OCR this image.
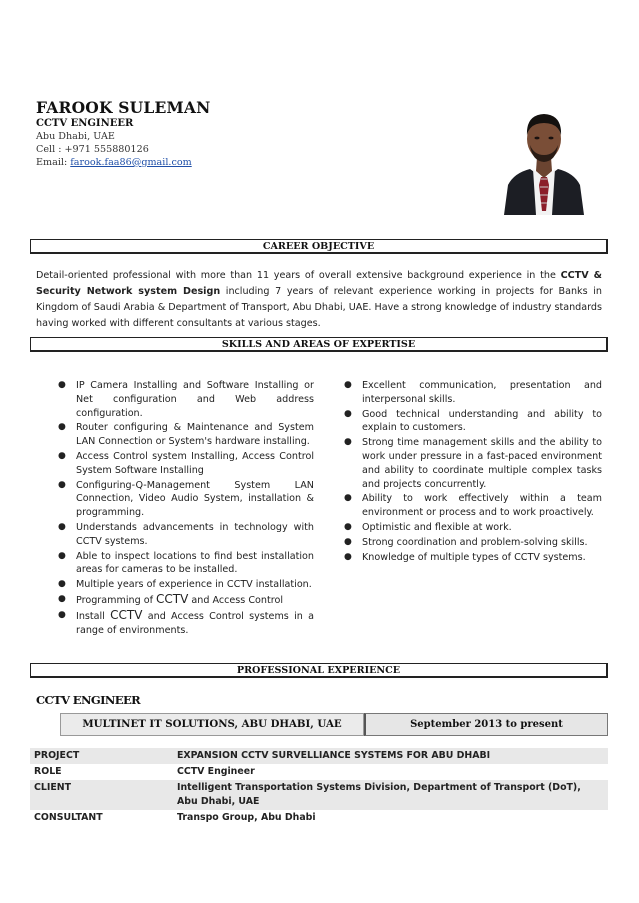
FAROOK SULEMAN
CCTV ENGINEER
Abu Dhabi, UAE
Cell : +971 555880126
Email: farook.faa86@gmail.com
CAREER OBJECTIVE
Detail-oriented professional with more than 11 years of overall extensive background experience in the CCTV & Security Network system Design including 7 years of relevant experience working in projects for Banks in Kingdom of Saudi Arabia & Department of Transport, Abu Dhabi, UAE. Have a strong knowledge of industry standards having worked with different consultants at various stages.
SKILLS AND AREAS OF EXPERTISE
● IP Camera Installing and Software Installing or Net configuration and Web address configuration.
● Router configuring & Maintenance and System LAN Connection or System's hardware installing.
● Access Control system Installing, Access Control System Software Installing
● Configuring-Q-Management System LAN Connection, Video Audio System, installation & programming.
● Understands advancements in technology with CCTV systems.
● Able to inspect locations to find best installation areas for cameras to be installed.
● Multiple years of experience in CCTV installation.
● Programming of CCTV and Access Control
● Install CCTV and Access Control systems in a range of environments.
● Excellent communication, presentation and interpersonal skills.
● Good technical understanding and ability to explain to customers.
● Strong time management skills and the ability to work under pressure in a fast-paced environment and ability to coordinate multiple complex tasks and projects concurrently.
● Ability to work effectively within a team environment or process and to work proactively.
● Optimistic and flexible at work.
● Strong coordination and problem-solving skills.
● Knowledge of multiple types of CCTV systems.
PROFESSIONAL EXPERIENCE
CCTV ENGINEER
MULTINET IT SOLUTIONS, ABU DHABI, UAE	September 2013 to present
PROJECT	EXPANSION CCTV SURVELLIANCE SYSTEMS FOR ABU DHABI
ROLE	CCTV Engineer
CLIENT	Intelligent Transportation Systems Division, Department of Transport (DoT), Abu Dhabi, UAE
CONSULTANT	Transpo Group, Abu Dhabi
